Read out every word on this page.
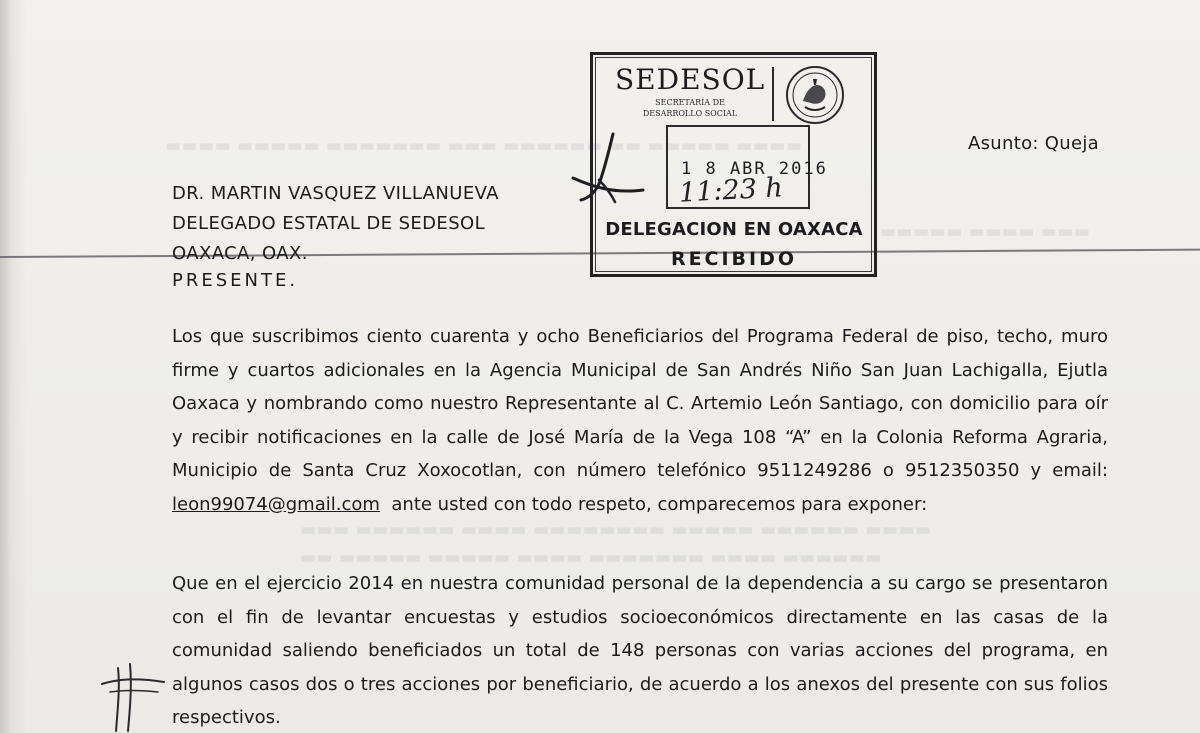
▬▬▬▬ ▬▬▬▬▬ ▬▬▬▬▬▬▬ ▬▬▬ ▬▬▬▬▬▬ ▬▬ ▬▬▬▬▬ ▬▬▬▬
▬▬▬▬▬ ▬▬▬▬ ▬▬▬
▬▬▬ ▬▬▬▬▬▬ ▬▬▬▬ ▬▬▬▬▬▬▬▬ ▬▬▬▬▬ ▬▬▬▬▬▬ ▬▬▬▬
▬▬ ▬▬▬▬▬ ▬▬▬▬▬ ▬▬▬▬ ▬▬▬▬▬▬▬ ▬▬▬▬ ▬▬▬▬▬▬
Asunto: Queja
DR. MARTIN VASQUEZ VILLANUEVA
DELEGADO ESTATAL DE SEDESOL
OAXACA, OAX.
PRESENTE.
Los que suscribimos ciento cuarenta y ocho Beneficiarios del Programa Federal de piso, techo, muro firme y cuartos adicionales en la Agencia Municipal de San Andrés Niño San Juan Lachigalla, Ejutla Oaxaca y nombrando como nuestro Representante al C. Artemio León Santiago, con domicilio para oír y recibir notificaciones en la calle de José María de la Vega 108 “A” en la Colonia Reforma Agraria, Municipio de Santa Cruz Xoxocotlan, con número telefónico 9511249286 o 9512350350 y email: leon99074@gmail.com ante usted con todo respeto, comparecemos para exponer:
Que en el ejercicio 2014 en nuestra comunidad personal de la dependencia a su cargo se presentaron con el fin de levantar encuestas y estudios socioeconómicos directamente en las casas de la comunidad saliendo beneficiados un total de 148 personas con varias acciones del programa, en algunos casos dos o tres acciones por beneficiario, de acuerdo a los anexos del presente con sus folios respectivos.
SEDESOL
SECRETARÍA DE
DESARROLLO SOCIAL
1 8 ABR 2016
11:23 h
DELEGACION EN OAXACA
RECIBIDO
